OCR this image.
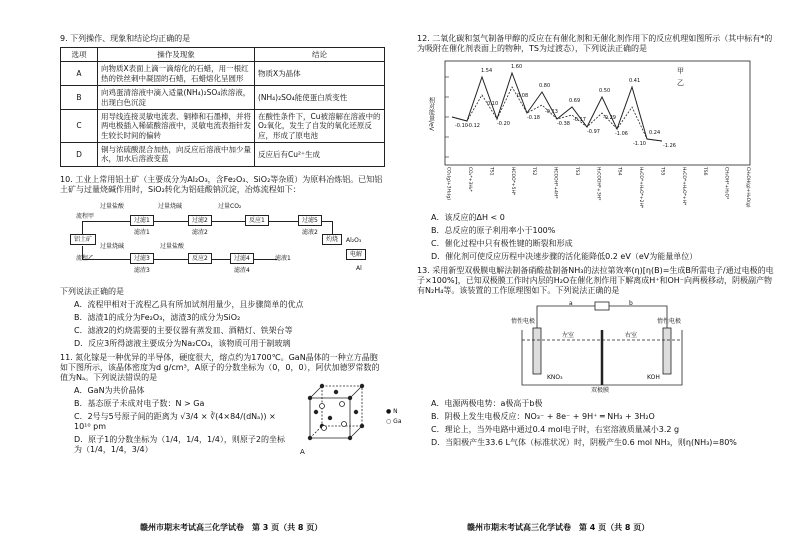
9. 下列操作、现象和结论均正确的是
选项	操作及现象	结论
A	向物质X表面上滴一滴熔化的石蜡，用一根红热的铁丝刺中凝固的石蜡，石蜡熔化呈圆形	物质X为晶体
B	向鸡蛋清溶液中滴入适量(NH₄)₂SO₄浓溶液，出现白色沉淀	(NH₄)₂SO₄能使蛋白质变性
C	用导线连接灵敏电流表、铜棒和石墨棒，并将两电极插入稀硫酸溶液中，灵敏电流表指针发生较长时间的偏转	在酸性条件下，Cu被溶解在溶液中的O₂氧化，发生了自发的氧化还原反应，形成了原电池
D	铜与浓硫酸混合加热，向反应后溶液中加少量水，加水后溶液变蓝	反应后有Cu²⁺生成
10. 工业上常用铝土矿（主要成分为Al₂O₃，含Fe₂O₃、SiO₂等杂质）为原料冶炼铝。已知铝土矿与过量烧碱作用时，SiO₂转化为铝硅酸钠沉淀，冶炼流程如下：
铝土矿
流程甲
流程乙
过量盐酸
过滤1
过量烧碱
过滤2
过量CO₂
反应1	过滤5
滤渣1	滤渣2
过量烧碱
过滤3
过量盐酸
反应2	过滤4	滤液1
滤渣3	滤渣4
滤液2
灼烧	Al₂O₃
电解
Al
下列说法正确的是
A．流程甲相对于流程乙具有所加试剂用量少，且步骤简单的优点
B．滤渣1的成分为Fe₂O₃，滤渣3的成分为SiO₂
C．滤液2的灼烧需要的主要仪器有蒸发皿、酒精灯、铁架台等
D．反应3所得滤液主要成分为Na₂CO₃，该物质可用于制玻璃
11. 氮化镓是一种优异的半导体，硬度很大，熔点约为1700℃。GaN晶体的一种立方晶胞如下图所示，该晶体密度为d g/cm³，A原子的分数坐标为（0，0，0），阿伏加德罗常数的值为Nₐ。下列说法错误的是
A．GaN为共价晶体
B．基态原子未成对电子数：N > Ga
C．2号与5号原子间的距离为 √3/4 × ∛(4×84/(dNₐ)) × 10¹⁰ pm
D．原子1的分数坐标为（1/4，1/4，1/4），则原子2的坐标为（1/4，1/4，3/4）	A
● N
○ Ga
赣州市期末考试高三化学试卷　第 3 页（共 8 页）
12. 二氧化碳和氢气制备甲醇的反应在有催化剂和无催化剂作用下的反应机理如图所示（其中标有*的为吸附在催化剂表面上的物种，TS为过渡态），下列说法正确的是
相对能量/eV
1.54
1.60
0.80
0.69
0.50
0.41
0.24
0.10
0.08
-0.10 -0.12
-0.13
-0.17
-0.20
-0.18	-0.29
-0.38
-0.97	-1.06
-1.10	-1.26
甲
乙
CO₂(g)+3H₂(g)	CO₂*+3H₂*	TS1	HCOO*+5H*	TS2	HCOOH*+4H*	TS3	H₂COOH*+3H*	TS4	H₂CO*+H₂O*+2H*	TS5	H₃CO*+H₂O*+H*	TS6	CH₃OH*+H₂O*	CH₃OH(g)+H₂O(g)
A．该反应的ΔH < 0
B．总反应的原子利用率小于100%
C．催化过程中只有极性键的断裂和形成
D．催化剂可使反应历程中决速步骤的活化能降低0.2 eV（eV为能量单位）
13. 采用新型双极膜电解法制备硝酸盐制备NH₃的法拉第效率(η)[η(B)=生成B所需电子/通过电极的电子×100%]，已知双极膜工作时内层的H₂O在催化剂作用下解离成H⁺和OH⁻向两极移动，阴极副产物有N₂H₄等。该装置的工作原理图如下。下列说法正确的是
a	b
惰性电极	惰性电极
左室	右室
KNO₃	KOH
双极膜
A．电源两极电势：a极高于b极
B．阴极上发生电极反应：NO₃⁻ + 8e⁻ + 9H⁺ ═ NH₃ + 3H₂O
C．理论上，当外电路中通过0.4 mol电子时，右室溶液质量减小3.2 g
D．当阳极产生33.6 L气体（标准状况）时，阴极产生0.6 mol NH₃，则η(NH₃)=80%
赣州市期末考试高三化学试卷　第 4 页（共 8 页）
